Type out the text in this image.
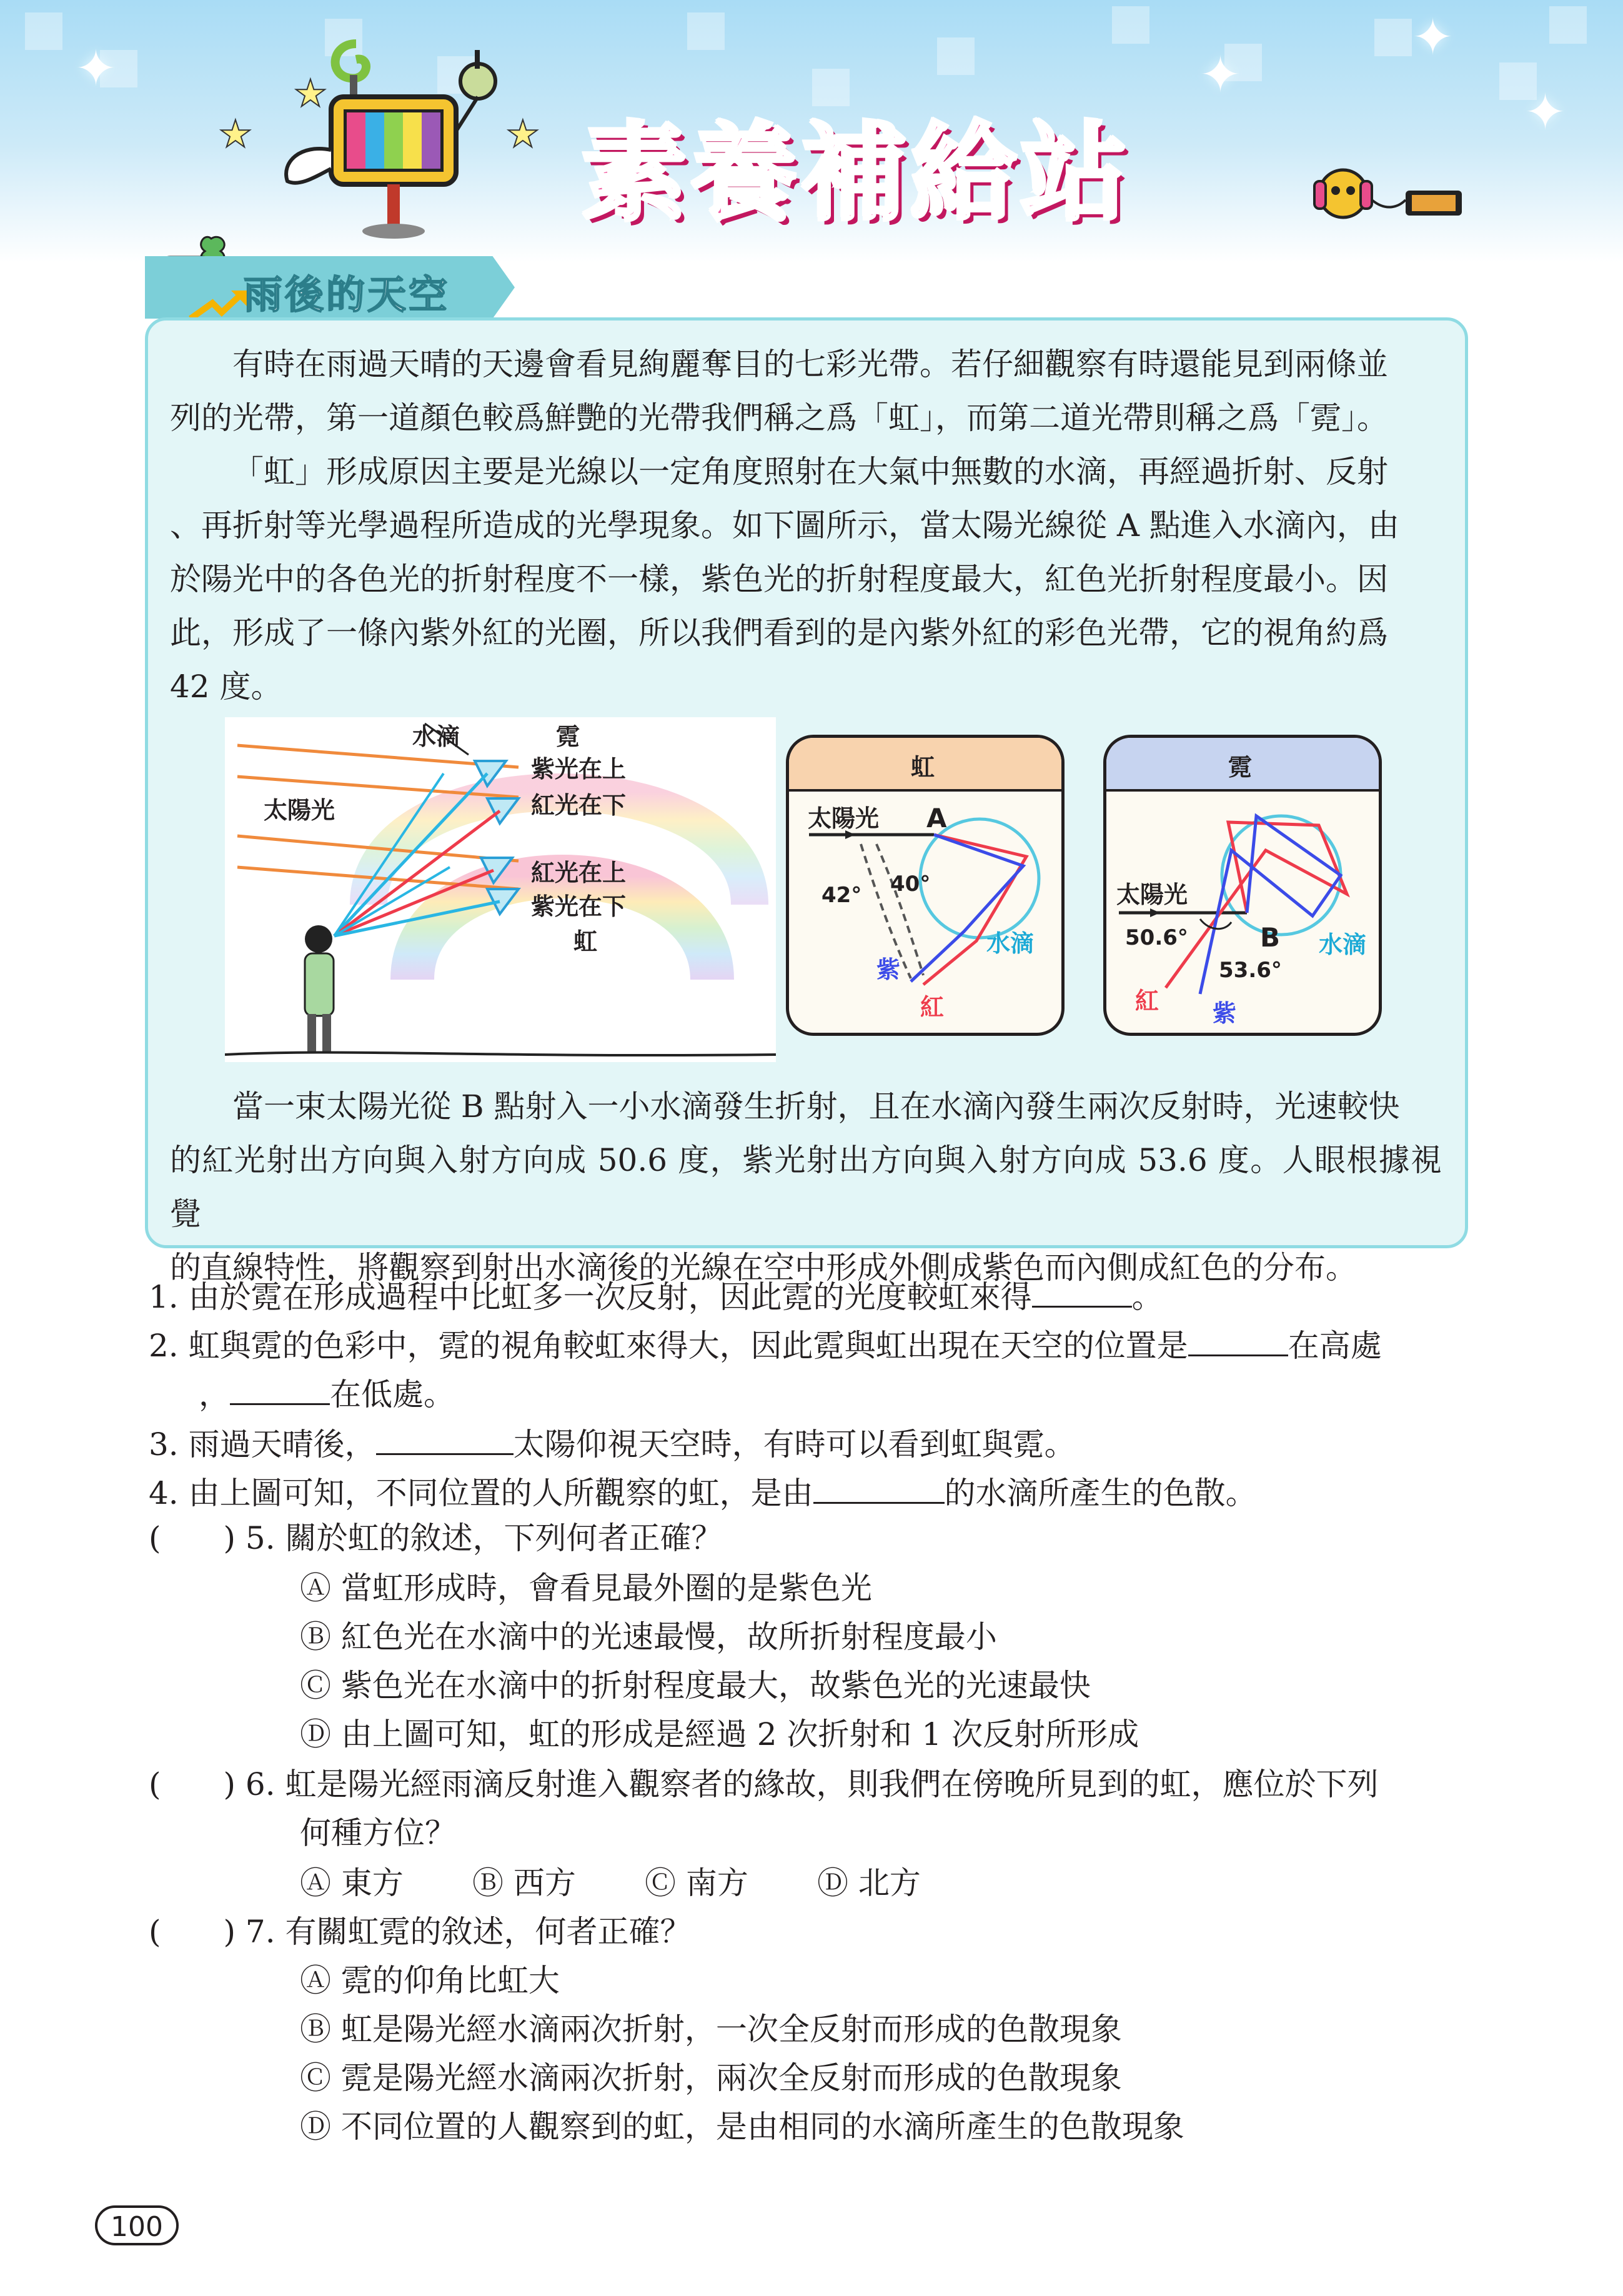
✦	✦
✦
✦
★
★
★ 素養補給站
雨後的天空
有時在雨過天晴的天邊會看見絢麗奪目的七彩光帶。若仔細觀察有時還能見到兩條並
列的光帶，第一道顏色較爲鮮艷的光帶我們稱之爲「虹」，而第二道光帶則稱之爲「霓」。
「虹」形成原因主要是光線以一定角度照射在大氣中無數的水滴，再經過折射、反射
、再折射等光學過程所造成的光學現象。如下圖所示，當太陽光線從 A 點進入水滴內，由
於陽光中的各色光的折射程度不一樣，紫色光的折射程度最大，紅色光折射程度最小。因
此，形成了一條內紫外紅的光圈，所以我們看到的是內紫外紅的彩色光帶，它的視角約爲
42 度。
水滴	霓
紫光在上
紅光在下
太陽光
紅光在上
紫光在下
虹
虹
太陽光 A
42° 40°
水滴
紫
紅
霓
太陽光
B
50.6°
53.6°
水滴
紅 紫
當一束太陽光從 B 點射入一小水滴發生折射，且在水滴內發生兩次反射時，光速較快
的紅光射出方向與入射方向成 50.6 度，紫光射出方向與入射方向成 53.6 度。人眼根據視覺
的直線特性，將觀察到射出水滴後的光線在空中形成外側成紫色而內側成紅色的分布。
1. 由於霓在形成過程中比虹多一次反射，因此霓的光度較虹來得	。
2. 虹與霓的色彩中，霓的視角較虹來得大，因此霓與虹出現在天空的位置是	在高處
，	在低處。
3. 雨過天晴後，	太陽仰視天空時，有時可以看到虹與霓。
4. 由上圖可知，不同位置的人所觀察的虹，是由	的水滴所產生的色散。
(　　) 5. 關於虹的敘述，下列何者正確？
Ⓐ 當虹形成時，會看見最外圈的是紫色光
Ⓑ 紅色光在水滴中的光速最慢，故所折射程度最小
Ⓒ 紫色光在水滴中的折射程度最大，故紫色光的光速最快
Ⓓ 由上圖可知，虹的形成是經過 2 次折射和 1 次反射所形成
(　　) 6. 虹是陽光經雨滴反射進入觀察者的緣故，則我們在傍晚所見到的虹，應位於下列
何種方位？
Ⓐ 東方 Ⓑ 西方 Ⓒ 南方 Ⓓ 北方
(　　) 7. 有關虹霓的敘述，何者正確？
Ⓐ 霓的仰角比虹大
Ⓑ 虹是陽光經水滴兩次折射，一次全反射而形成的色散現象
Ⓒ 霓是陽光經水滴兩次折射，兩次全反射而形成的色散現象
Ⓓ 不同位置的人觀察到的虹，是由相同的水滴所產生的色散現象
100
